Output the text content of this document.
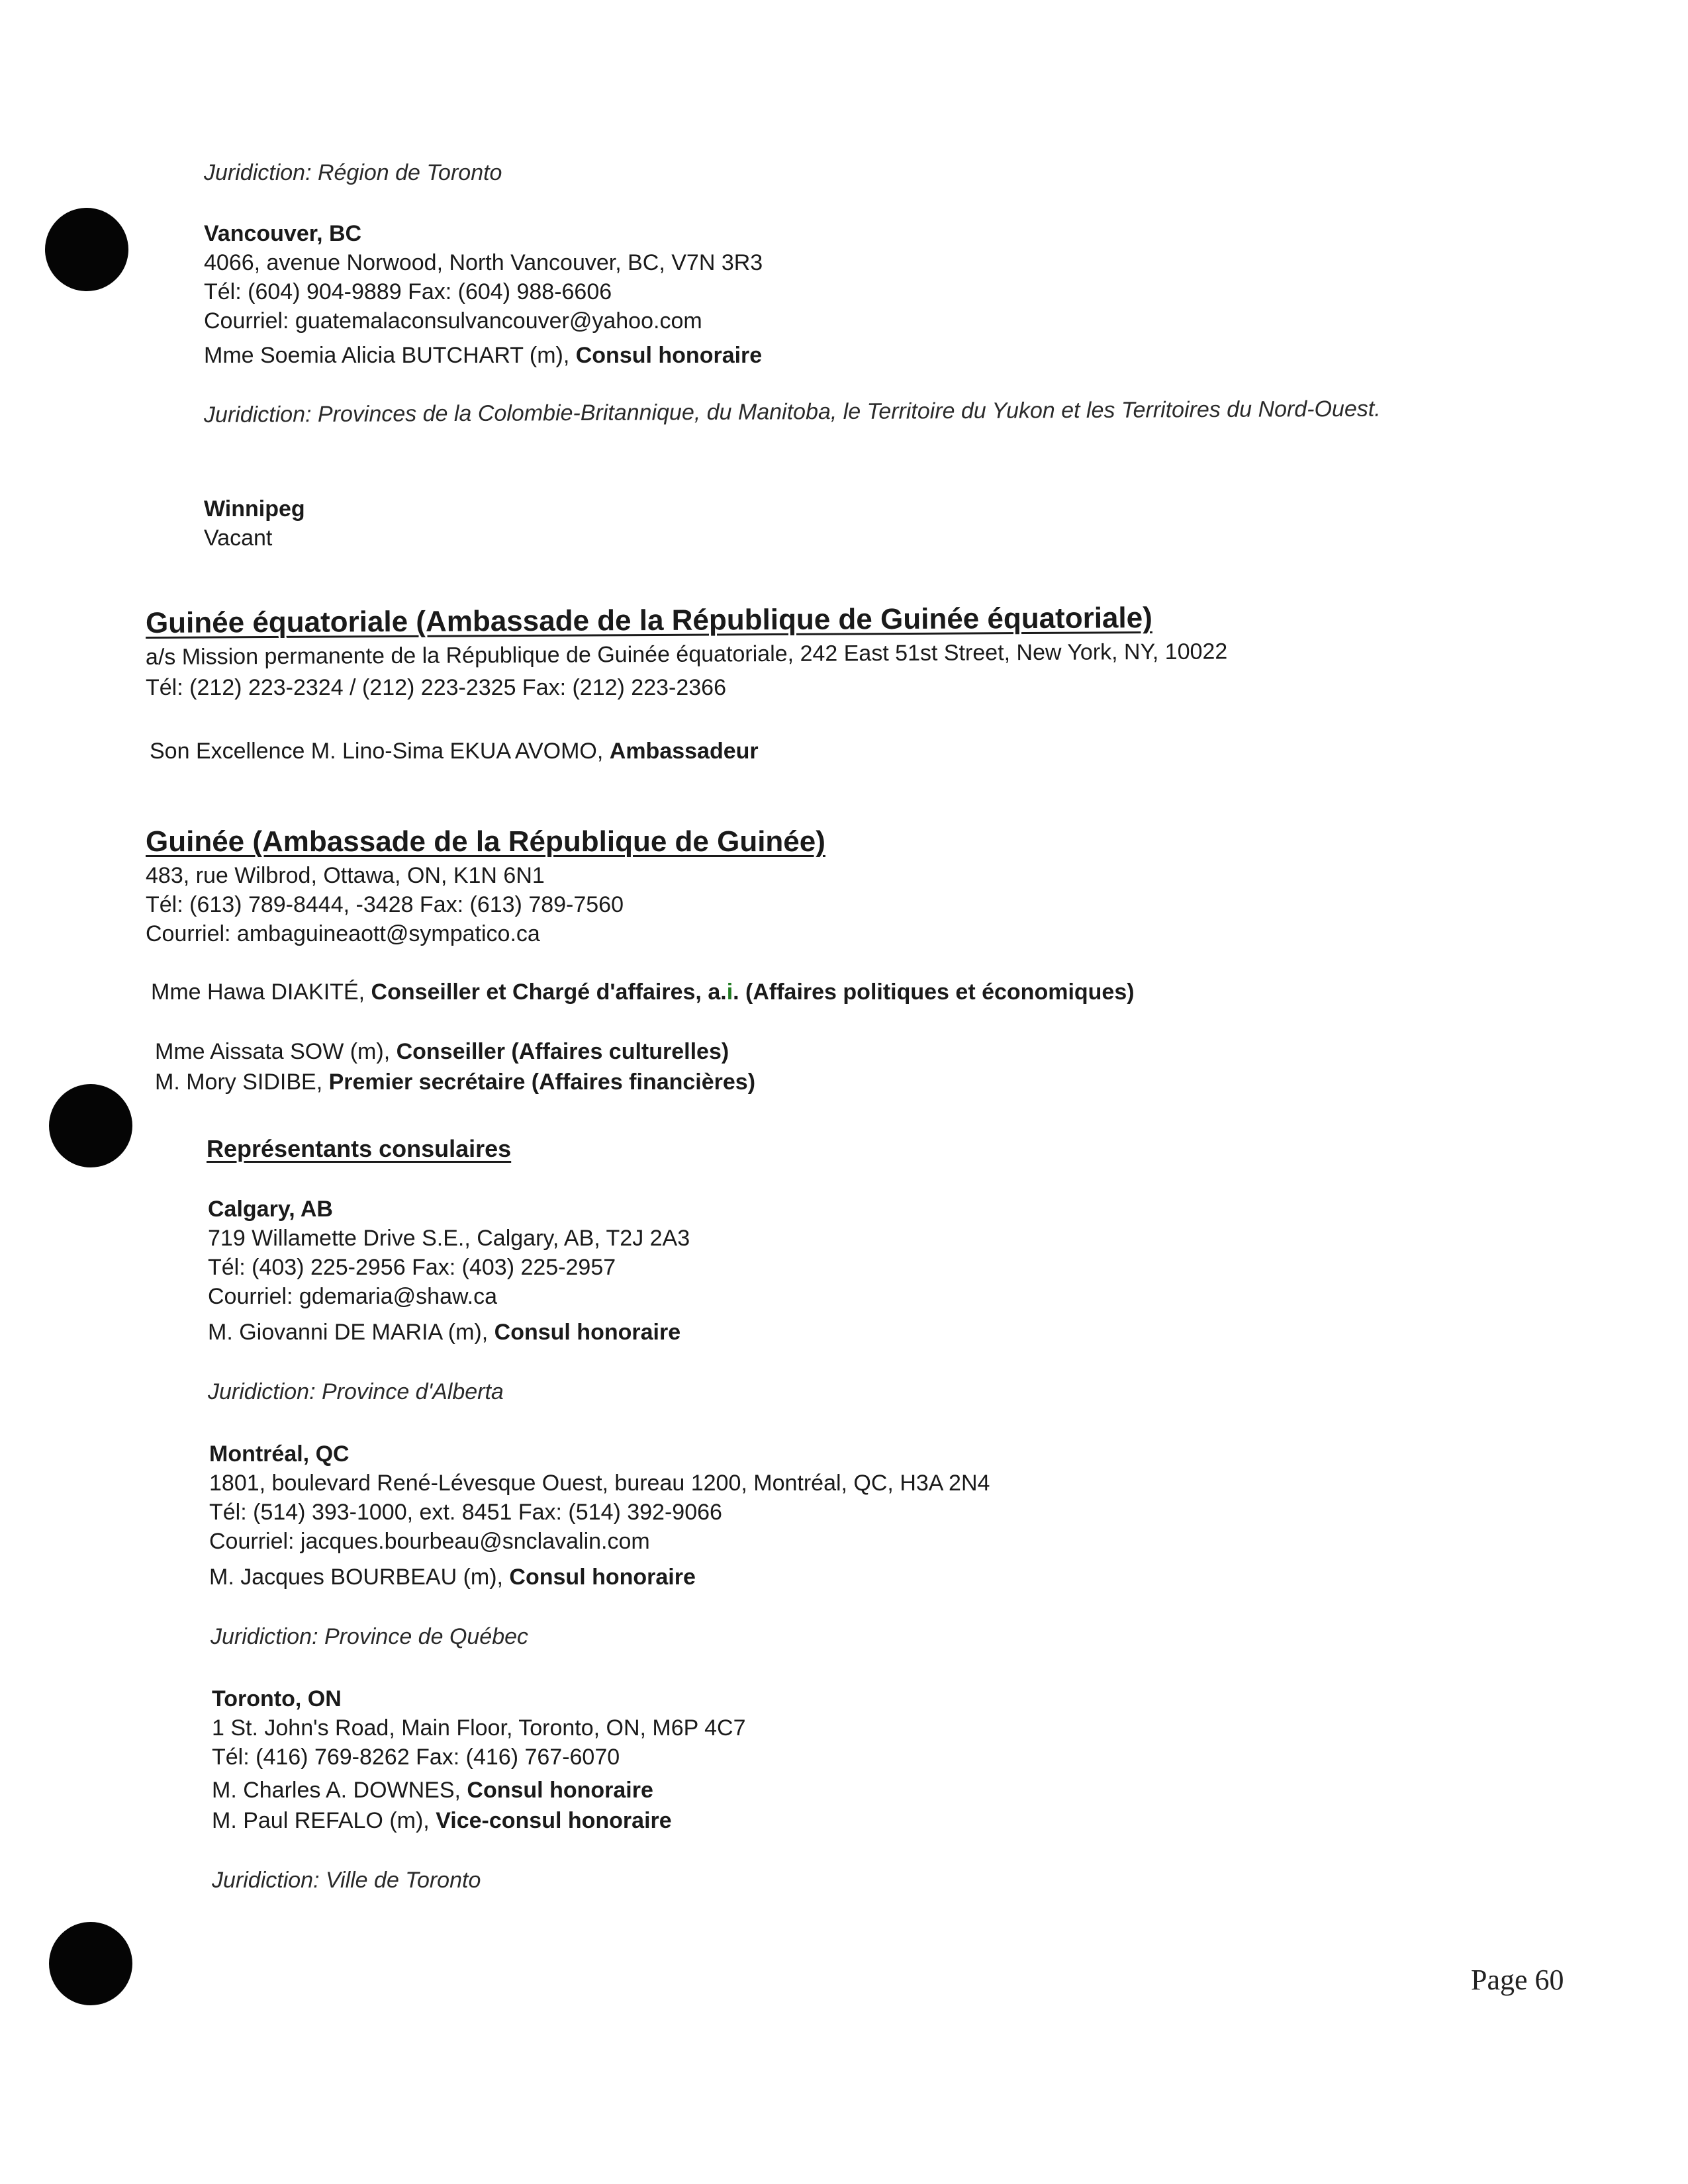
Juridiction: Région de Toronto
Vancouver, BC
4066, avenue Norwood, North Vancouver, BC, V7N 3R3
Tél: (604) 904-9889 Fax: (604) 988-6606
Courriel: guatemalaconsulvancouver@yahoo.com
Mme Soemia Alicia BUTCHART (m), Consul honoraire
Juridiction: Provinces de la Colombie-Britannique, du Manitoba, le Territoire du Yukon et les Territoires du Nord-Ouest.
Winnipeg
Vacant
Guinée équatoriale (Ambassade de la République de Guinée équatoriale)
a/s Mission permanente de la République de Guinée équatoriale, 242 East 51st Street, New York, NY, 10022
Tél: (212) 223-2324 / (212) 223-2325 Fax: (212) 223-2366
Son Excellence M. Lino-Sima EKUA AVOMO, Ambassadeur
Guinée (Ambassade de la République de Guinée)
483, rue Wilbrod, Ottawa, ON, K1N 6N1
Tél: (613) 789-8444, -3428 Fax: (613) 789-7560
Courriel: ambaguineaott@sympatico.ca
Mme Hawa DIAKITÉ, Conseiller et Chargé d'affaires, a.i. (Affaires politiques et économiques)
Mme Aissata SOW (m), Conseiller (Affaires culturelles)
M. Mory SIDIBE, Premier secrétaire (Affaires financières)
Représentants consulaires
Calgary, AB
719 Willamette Drive S.E., Calgary, AB, T2J 2A3
Tél: (403) 225-2956 Fax: (403) 225-2957
Courriel: gdemaria@shaw.ca
M. Giovanni DE MARIA (m), Consul honoraire
Juridiction: Province d'Alberta
Montréal, QC
1801, boulevard René-Lévesque Ouest, bureau 1200, Montréal, QC, H3A 2N4
Tél: (514) 393-1000, ext. 8451 Fax: (514) 392-9066
Courriel: jacques.bourbeau@snclavalin.com
M. Jacques BOURBEAU (m), Consul honoraire
Juridiction: Province de Québec
Toronto, ON
1 St. John's Road, Main Floor, Toronto, ON, M6P 4C7
Tél: (416) 769-8262 Fax: (416) 767-6070
M. Charles A. DOWNES, Consul honoraire
M. Paul REFALO (m), Vice-consul honoraire
Juridiction: Ville de Toronto
Page 60
